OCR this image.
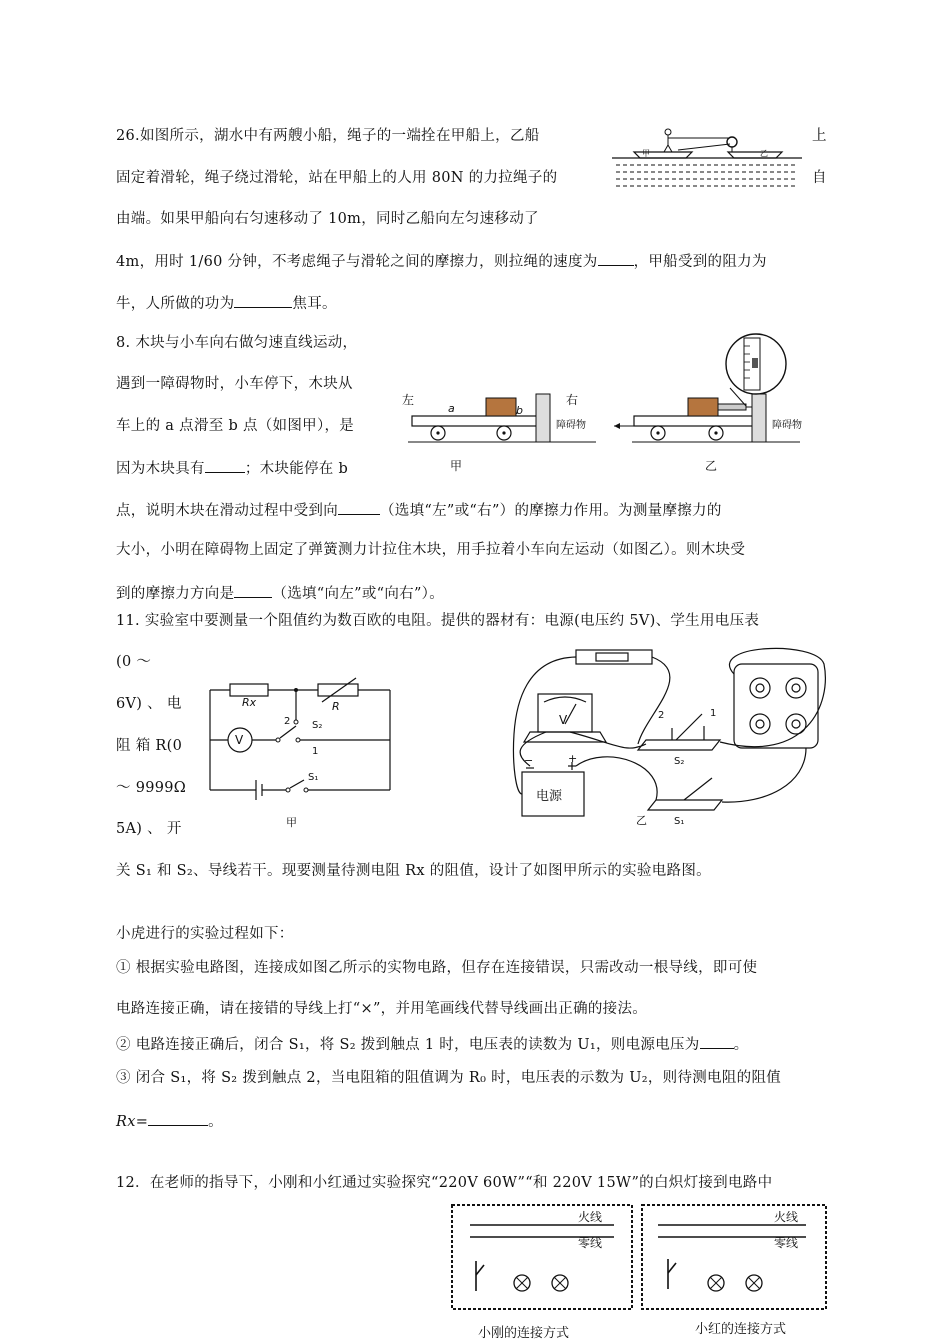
26.如图所示，湖水中有两艘小船，绳子的一端拴在甲船上，乙船	上
固定着滑轮，绳子绕过滑轮，站在甲船上的人用 80N 的力拉绳子的	自
由端。如果甲船向右匀速移动了 10m，同时乙船向左匀速移动了
4m，用时 1/60 分钟，不考虑绳子与滑轮之间的摩擦力，则拉绳的速度为 ，甲船受到的阻力为
牛，人所做的功为	焦耳。
甲	乙
8. 木块与小车向右做匀速直线运动，
遇到一障碍物时，小车停下，木块从
车上的 a 点滑至 b 点（如图甲），是
因为木块具有	；木块能停在 b
点，说明木块在滑动过程中受到向	（选填“左”或“右”）的摩擦力作用。为测量摩擦力的
大小，小明在障碍物上固定了弹簧测力计拉住木块，用手拉着小车向左运动（如图乙）。则木块受
到的摩擦力方向是	（选填“向左”或“向右”）。
左	右
a	b
障碍物
甲
障碍物
乙
11. 实验室中要测量一个阻值约为数百欧的电阻。提供的器材有：电源(电压约 5V)、学生用电压表
(0 ～
6V) 、 电
阻 箱 R(0
～ 9999Ω
5A) 、 开
关 S₁ 和 S₂、导线若干。现要测量待测电阻 Rx 的阻值，设计了如图甲所示的实验电路图。
小虎进行的实验过程如下：
① 根据实验电路图，连接成如图乙所示的实物电路，但存在连接错误，只需改动一根导线，即可使
电路连接正确，请在接错的导线上打“×”，并用笔画线代替导线画出正确的接法。
② 电路连接正确后，闭合 S₁，将 S₂ 拨到触点 1 时，电压表的读数为 U₁，则电源电压为 。
③ 闭合 S₁，将 S₂ 拨到触点 2，当电阻箱的阻值调为 R₀ 时，电压表的示数为 U₂，则待测电阻的阻值
Rx=	。
Rx	R
V
2 S₂
1
S₁
甲
电源
V
−	+
2	1
S₂
S₁
乙
12．在老师的指导下，小刚和小红通过实验探究“220V 60W”“和 220V 15W”的白炽灯接到电路中
火线
零线
火线
零线
小刚的连接方式	小红的连接方式
